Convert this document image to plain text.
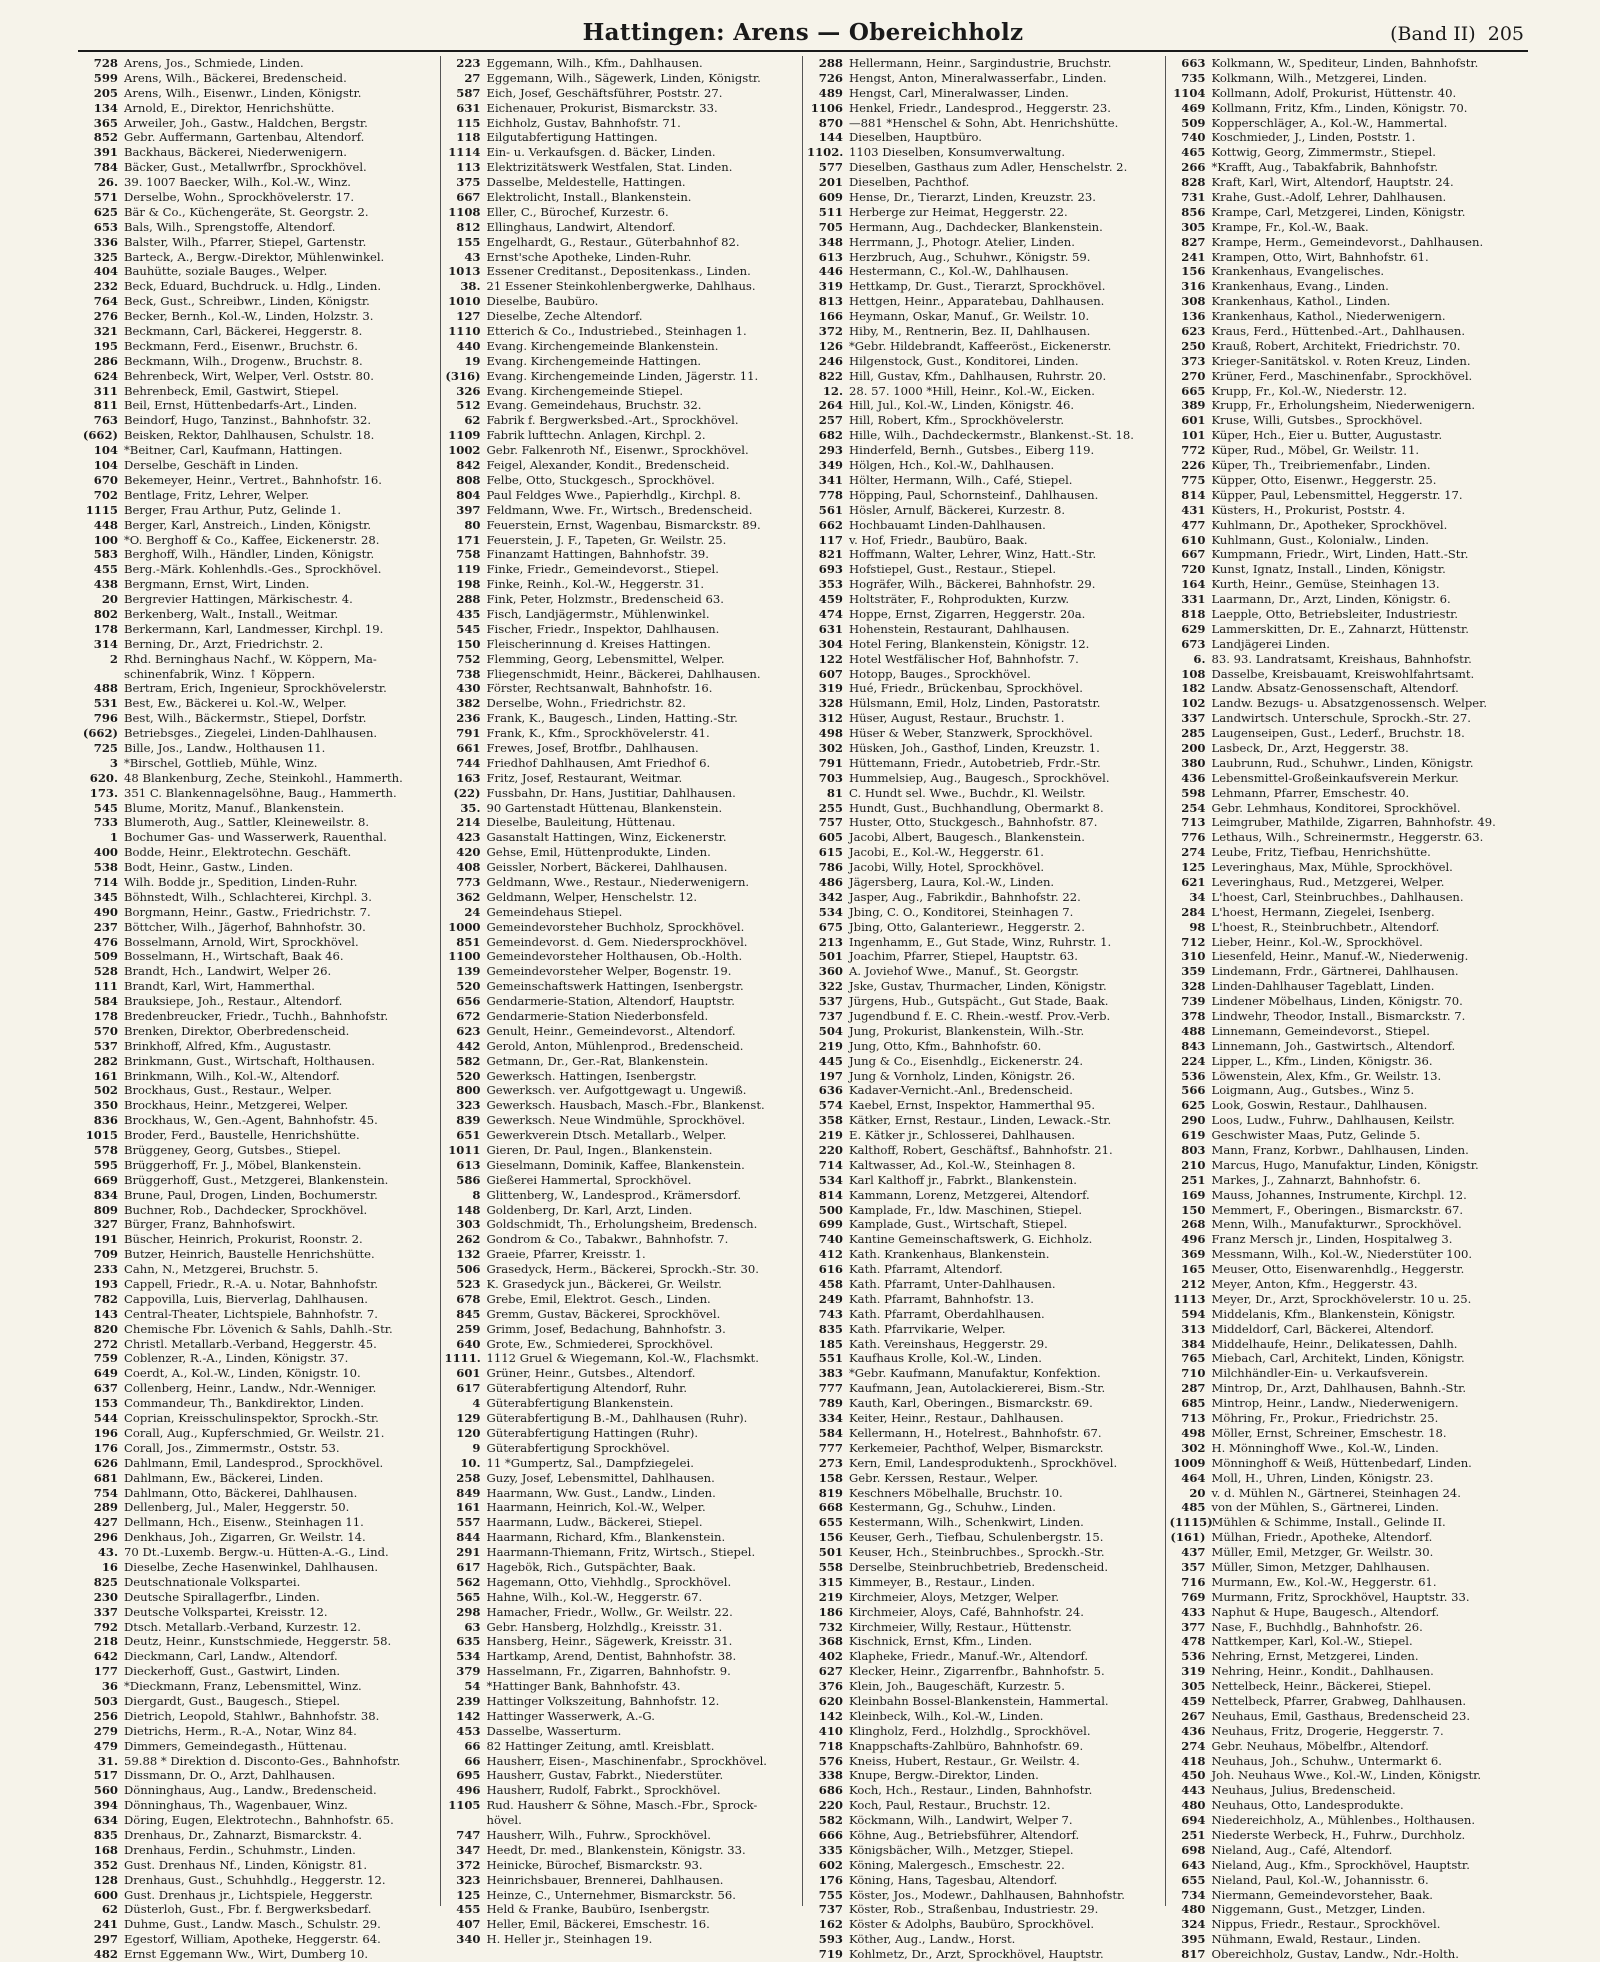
Hattingen: Arens — Obereichholz	(Band II) 205
728 Arens, Jos., Schmiede, Linden.
599 Arens, Wilh., Bäckerei, Bredenscheid.
205 Arens, Wilh., Eisenwr., Linden, Königstr.
134 Arnold, E., Direktor, Henrichshütte.
365 Arweiler, Joh., Gastw., Haldchen, Bergstr.
852 Gebr. Auffermann, Gartenbau, Altendorf.
391 Backhaus, Bäckerei, Niederwenigern.
784 Bäcker, Gust., Metallwrfbr., Sprockhövel.
26. 39. 1007 Baecker, Wilh., Kol.-W., Winz.
571 Derselbe, Wohn., Sprockhövelerstr. 17.
625 Bär & Co., Küchengeräte, St. Georgstr. 2.
653 Bals, Wilh., Sprengstoffe, Altendorf.
336 Balster, Wilh., Pfarrer, Stiepel, Gartenstr.
325 Barteck, A., Bergw.-Direktor, Mühlenwinkel.
404 Bauhütte, soziale Bauges., Welper.
232 Beck, Eduard, Buchdruck. u. Hdlg., Linden.
764 Beck, Gust., Schreibwr., Linden, Königstr.
276 Becker, Bernh., Kol.-W., Linden, Holzstr. 3.
321 Beckmann, Carl, Bäckerei, Heggerstr. 8.
195 Beckmann, Ferd., Eisenwr., Bruchstr. 6.
286 Beckmann, Wilh., Drogenw., Bruchstr. 8.
624 Behrenbeck, Wirt, Welper, Verl. Oststr. 80.
311 Behrenbeck, Emil, Gastwirt, Stiepel.
811 Beil, Ernst, Hüttenbedarfs-Art., Linden.
763 Beindorf, Hugo, Tanzinst., Bahnhofstr. 32.
(662) Beisken, Rektor, Dahlhausen, Schulstr. 18.
104 *Beitner, Carl, Kaufmann, Hattingen.
104 Derselbe, Geschäft in Linden.
670 Bekemeyer, Heinr., Vertret., Bahnhofstr. 16.
702 Bentlage, Fritz, Lehrer, Welper.
1115 Berger, Frau Arthur, Putz, Gelinde 1.
448 Berger, Karl, Anstreich., Linden, Königstr.
100 *O. Berghoff & Co., Kaffee, Eickenerstr. 28.
583 Berghoff, Wilh., Händler, Linden, Königstr.
455 Berg.-Märk. Kohlenhdls.-Ges., Sprockhövel.
438 Bergmann, Ernst, Wirt, Linden.
20 Bergrevier Hattingen, Märkischestr. 4.
802 Berkenberg, Walt., Install., Weitmar.
178 Berkermann, Karl, Landmesser, Kirchpl. 19.
314 Berning, Dr., Arzt, Friedrichstr. 2.
2 Rhd. Berninghaus Nachf., W. Köppern, Ma-
schinenfabrik, Winz. ↑ Köppern.
488 Bertram, Erich, Ingenieur, Sprockhövelerstr.
531 Best, Ew., Bäckerei u. Kol.-W., Welper.
796 Best, Wilh., Bäckermstr., Stiepel, Dorfstr.
(662) Betriebsges., Ziegelei, Linden-Dahlhausen.
725 Bille, Jos., Landw., Holthausen 11.
3 *Birschel, Gottlieb, Mühle, Winz.
620. 48 Blankenburg, Zeche, Steinkohl., Hammerth.
173. 351 C. Blankennagelsöhne, Baug., Hammerth.
545 Blume, Moritz, Manuf., Blankenstein.
733 Blumeroth, Aug., Sattler, Kleineweilstr. 8.
1 Bochumer Gas- und Wasserwerk, Rauenthal.
400 Bodde, Heinr., Elektrotechn. Geschäft.
538 Bodt, Heinr., Gastw., Linden.
714 Wilh. Bodde jr., Spedition, Linden-Ruhr.
345 Böhnstedt, Wilh., Schlachterei, Kirchpl. 3.
490 Borgmann, Heinr., Gastw., Friedrichstr. 7.
237 Böttcher, Wilh., Jägerhof, Bahnhofstr. 30.
476 Bosselmann, Arnold, Wirt, Sprockhövel.
509 Bosselmann, H., Wirtschaft, Baak 46.
528 Brandt, Hch., Landwirt, Welper 26.
111 Brandt, Karl, Wirt, Hammerthal.
584 Brauksiepe, Joh., Restaur., Altendorf.
178 Bredenbreucker, Friedr., Tuchh., Bahnhofstr.
570 Brenken, Direktor, Oberbredenscheid.
537 Brinkhoff, Alfred, Kfm., Augustastr.
282 Brinkmann, Gust., Wirtschaft, Holthausen.
161 Brinkmann, Wilh., Kol.-W., Altendorf.
502 Brockhaus, Gust., Restaur., Welper.
350 Brockhaus, Heinr., Metzgerei, Welper.
836 Brockhaus, W., Gen.-Agent, Bahnhofstr. 45.
1015 Broder, Ferd., Baustelle, Henrichshütte.
578 Brüggeney, Georg, Gutsbes., Stiepel.
595 Brüggerhoff, Fr. J., Möbel, Blankenstein.
669 Brüggerhoff, Gust., Metzgerei, Blankenstein.
834 Brune, Paul, Drogen, Linden, Bochumerstr.
809 Buchner, Rob., Dachdecker, Sprockhövel.
327 Bürger, Franz, Bahnhofswirt.
191 Büscher, Heinrich, Prokurist, Roonstr. 2.
709 Butzer, Heinrich, Baustelle Henrichshütte.
233 Cahn, N., Metzgerei, Bruchstr. 5.
193 Cappell, Friedr., R.-A. u. Notar, Bahnhofstr.
782 Cappovilla, Luis, Bierverlag, Dahlhausen.
143 Central-Theater, Lichtspiele, Bahnhofstr. 7.
820 Chemische Fbr. Lövenich & Sahls, Dahlh.-Str.
272 Christl. Metallarb.-Verband, Heggerstr. 45.
759 Coblenzer, R.-A., Linden, Königstr. 37.
649 Coerdt, A., Kol.-W., Linden, Königstr. 10.
637 Collenberg, Heinr., Landw., Ndr.-Wenniger.
153 Commandeur, Th., Bankdirektor, Linden.
544 Coprian, Kreisschulinspektor, Sprockh.-Str.
196 Corall, Aug., Kupferschmied, Gr. Weilstr. 21.
176 Corall, Jos., Zimmermstr., Oststr. 53.
626 Dahlmann, Emil, Landesprod., Sprockhövel.
681 Dahlmann, Ew., Bäckerei, Linden.
754 Dahlmann, Otto, Bäckerei, Dahlhausen.
289 Dellenberg, Jul., Maler, Heggerstr. 50.
427 Dellmann, Hch., Eisenw., Steinhagen 11.
296 Denkhaus, Joh., Zigarren, Gr. Weilstr. 14.
43. 70 Dt.-Luxemb. Bergw.-u. Hütten-A.-G., Lind.
16 Dieselbe, Zeche Hasenwinkel, Dahlhausen.
825 Deutschnationale Volkspartei.
230 Deutsche Spirallagerfbr., Linden.
337 Deutsche Volkspartei, Kreisstr. 12.
792 Dtsch. Metallarb.-Verband, Kurzestr. 12.
218 Deutz, Heinr., Kunstschmiede, Heggerstr. 58.
642 Dieckmann, Carl, Landw., Altendorf.
177 Dieckerhoff, Gust., Gastwirt, Linden.
36 *Dieckmann, Franz, Lebensmittel, Winz.
503 Diergardt, Gust., Baugesch., Stiepel.
256 Dietrich, Leopold, Stahlwr., Bahnhofstr. 38.
279 Dietrichs, Herm., R.-A., Notar, Winz 84.
479 Dimmers, Gemeindegasth., Hüttenau.
31. 59.88 * Direktion d. Disconto-Ges., Bahnhofstr.
517 Dissmann, Dr. O., Arzt, Dahlhausen.
560 Dönninghaus, Aug., Landw., Bredenscheid.
394 Dönninghaus, Th., Wagenbauer, Winz.
634 Döring, Eugen, Elektrotechn., Bahnhofstr. 65.
835 Drenhaus, Dr., Zahnarzt, Bismarckstr. 4.
168 Drenhaus, Ferdin., Schuhmstr., Linden.
352 Gust. Drenhaus Nf., Linden, Königstr. 81.
128 Drenhaus, Gust., Schuhhdlg., Heggerstr. 12.
600 Gust. Drenhaus jr., Lichtspiele, Heggerstr.
62 Düsterloh, Gust., Fbr. f. Bergwerksbedarf.
241 Duhme, Gust., Landw. Masch., Schulstr. 29.
297 Egestorf, William, Apotheke, Heggerstr. 64.
482 Ernst Eggemann Ww., Wirt, Dumberg 10.
223 Eggemann, Wilh., Kfm., Dahlhausen.
27 Eggemann, Wilh., Sägewerk, Linden, Königstr.
587 Eich, Josef, Geschäftsführer, Poststr. 27.
631 Eichenauer, Prokurist, Bismarckstr. 33.
115 Eichholz, Gustav, Bahnhofstr. 71.
118 Eilgutabfertigung Hattingen.
1114 Ein- u. Verkaufsgen. d. Bäcker, Linden.
113 Elektrizitätswerk Westfalen, Stat. Linden.
375 Dasselbe, Meldestelle, Hattingen.
667 Elektrolicht, Install., Blankenstein.
1108 Eller, C., Bürochef, Kurzestr. 6.
812 Ellinghaus, Landwirt, Altendorf.
155 Engelhardt, G., Restaur., Güterbahnhof 82.
43 Ernst'sche Apotheke, Linden-Ruhr.
1013 Essener Creditanst., Depositenkass., Linden.
38. 21 Essener Steinkohlenbergwerke, Dahlhaus.
1010 Dieselbe, Baubüro.
127 Dieselbe, Zeche Altendorf.
1110 Etterich & Co., Industriebed., Steinhagen 1.
440 Evang. Kirchengemeinde Blankenstein.
19 Evang. Kirchengemeinde Hattingen.
(316) Evang. Kirchengemeinde Linden, Jägerstr. 11.
326 Evang. Kirchengemeinde Stiepel.
512 Evang. Gemeindehaus, Bruchstr. 32.
62 Fabrik f. Bergwerksbed.-Art., Sprockhövel.
1109 Fabrik lufttechn. Anlagen, Kirchpl. 2.
1002 Gebr. Falkenroth Nf., Eisenwr., Sprockhövel.
842 Feigel, Alexander, Kondit., Bredenscheid.
808 Felbe, Otto, Stuckgesch., Sprockhövel.
804 Paul Feldges Wwe., Papierhdlg., Kirchpl. 8.
397 Feldmann, Wwe. Fr., Wirtsch., Bredenscheid.
80 Feuerstein, Ernst, Wagenbau, Bismarckstr. 89.
171 Feuerstein, J. F., Tapeten, Gr. Weilstr. 25.
758 Finanzamt Hattingen, Bahnhofstr. 39.
119 Finke, Friedr., Gemeindevorst., Stiepel.
198 Finke, Reinh., Kol.-W., Heggerstr. 31.
288 Fink, Peter, Holzmstr., Bredenscheid 63.
435 Fisch, Landjägermstr., Mühlenwinkel.
545 Fischer, Friedr., Inspektor, Dahlhausen.
150 Fleischerinnung d. Kreises Hattingen.
752 Flemming, Georg, Lebensmittel, Welper.
738 Fliegenschmidt, Heinr., Bäckerei, Dahlhausen.
430 Förster, Rechtsanwalt, Bahnhofstr. 16.
382 Derselbe, Wohn., Friedrichstr. 82.
236 Frank, K., Baugesch., Linden, Hatting.-Str.
791 Frank, K., Kfm., Sprockhövelerstr. 41.
661 Frewes, Josef, Brotfbr., Dahlhausen.
744 Friedhof Dahlhausen, Amt Friedhof 6.
163 Fritz, Josef, Restaurant, Weitmar.
(22) Fussbahn, Dr. Hans, Justitiar, Dahlhausen.
35. 90 Gartenstadt Hüttenau, Blankenstein.
214 Dieselbe, Bauleitung, Hüttenau.
423 Gasanstalt Hattingen, Winz, Eickenerstr.
420 Gehse, Emil, Hüttenprodukte, Linden.
408 Geissler, Norbert, Bäckerei, Dahlhausen.
773 Geldmann, Wwe., Restaur., Niederwenigern.
362 Geldmann, Welper, Henschelstr. 12.
24 Gemeindehaus Stiepel.
1000 Gemeindevorsteher Buchholz, Sprockhövel.
851 Gemeindevorst. d. Gem. Niedersprockhövel.
1100 Gemeindevorsteher Holthausen, Ob.-Holth.
139 Gemeindevorsteher Welper, Bogenstr. 19.
520 Gemeinschaftswerk Hattingen, Isenbergstr.
656 Gendarmerie-Station, Altendorf, Hauptstr.
672 Gendarmerie-Station Niederbonsfeld.
623 Genult, Heinr., Gemeindevorst., Altendorf.
442 Gerold, Anton, Mühlenprod., Bredenscheid.
582 Getmann, Dr., Ger.-Rat, Blankenstein.
520 Gewerksch. Hattingen, Isenbergstr.
800 Gewerksch. ver. Aufgottgewagt u. Ungewiß.
323 Gewerksch. Hausbach, Masch.-Fbr., Blankenst.
839 Gewerksch. Neue Windmühle, Sprockhövel.
651 Gewerkverein Dtsch. Metallarb., Welper.
1011 Gieren, Dr. Paul, Ingen., Blankenstein.
613 Gieselmann, Dominik, Kaffee, Blankenstein.
586 Gießerei Hammertal, Sprockhövel.
8 Glittenberg, W., Landesprod., Krämersdorf.
148 Goldenberg, Dr. Karl, Arzt, Linden.
303 Goldschmidt, Th., Erholungsheim, Bredensch.
262 Gondrom & Co., Tabakwr., Bahnhofstr. 7.
132 Graeie, Pfarrer, Kreisstr. 1.
506 Grasedyck, Herm., Bäckerei, Sprockh.-Str. 30.
523 K. Grasedyck jun., Bäckerei, Gr. Weilstr.
678 Grebe, Emil, Elektrot. Gesch., Linden.
845 Gremm, Gustav, Bäckerei, Sprockhövel.
259 Grimm, Josef, Bedachung, Bahnhofstr. 3.
640 Grote, Ew., Schmiederei, Sprockhövel.
1111. 1112 Gruel & Wiegemann, Kol.-W., Flachsmkt.
601 Grüner, Heinr., Gutsbes., Altendorf.
617 Güterabfertigung Altendorf, Ruhr.
4 Güterabfertigung Blankenstein.
129 Güterabfertigung B.-M., Dahlhausen (Ruhr).
120 Güterabfertigung Hattingen (Ruhr).
9 Güterabfertigung Sprockhövel.
10. 11 *Gumpertz, Sal., Dampfziegelei.
258 Guzy, Josef, Lebensmittel, Dahlhausen.
849 Haarmann, Ww. Gust., Landw., Linden.
161 Haarmann, Heinrich, Kol.-W., Welper.
557 Haarmann, Ludw., Bäckerei, Stiepel.
844 Haarmann, Richard, Kfm., Blankenstein.
291 Haarmann-Thiemann, Fritz, Wirtsch., Stiepel.
617 Hagebök, Rich., Gutspächter, Baak.
562 Hagemann, Otto, Viehhdlg., Sprockhövel.
565 Hahne, Wilh., Kol.-W., Heggerstr. 67.
298 Hamacher, Friedr., Wollw., Gr. Weilstr. 22.
63 Gebr. Hansberg, Holzhdlg., Kreisstr. 31.
635 Hansberg, Heinr., Sägewerk, Kreisstr. 31.
534 Hartkamp, Arend, Dentist, Bahnhofstr. 38.
379 Hasselmann, Fr., Zigarren, Bahnhofstr. 9.
54 *Hattinger Bank, Bahnhofstr. 43.
239 Hattinger Volkszeitung, Bahnhofstr. 12.
142 Hattinger Wasserwerk, A.-G.
453 Dasselbe, Wasserturm.
66 82 Hattinger Zeitung, amtl. Kreisblatt.
66 Hausherr, Eisen-, Maschinenfabr., Sprockhövel.
695 Hausherr, Gustav, Fabrkt., Niederstüter.
496 Hausherr, Rudolf, Fabrkt., Sprockhövel.
1105 Rud. Hausherr & Söhne, Masch.-Fbr., Sprock-
hövel.
747 Hausherr, Wilh., Fuhrw., Sprockhövel.
347 Heedt, Dr. med., Blankenstein, Königstr. 33.
372 Heinicke, Bürochef, Bismarckstr. 93.
323 Heinrichsbauer, Brennerei, Dahlhausen.
125 Heinze, C., Unternehmer, Bismarckstr. 56.
455 Held & Franke, Baubüro, Isenbergstr.
407 Heller, Emil, Bäckerei, Emschestr. 16.
340 H. Heller jr., Steinhagen 19.
288 Hellermann, Heinr., Sargindustrie, Bruchstr.
726 Hengst, Anton, Mineralwasserfabr., Linden.
489 Hengst, Carl, Mineralwasser, Linden.
1106 Henkel, Friedr., Landesprod., Heggerstr. 23.
870 —881 *Henschel & Sohn, Abt. Henrichshütte.
144 Dieselben, Hauptbüro.
1102. 1103 Dieselben, Konsumverwaltung.
577 Dieselben, Gasthaus zum Adler, Henschelstr. 2.
201 Dieselben, Pachthof.
609 Hense, Dr., Tierarzt, Linden, Kreuzstr. 23.
511 Herberge zur Heimat, Heggerstr. 22.
705 Hermann, Aug., Dachdecker, Blankenstein.
348 Herrmann, J., Photogr. Atelier, Linden.
613 Herzbruch, Aug., Schuhwr., Königstr. 59.
446 Hestermann, C., Kol.-W., Dahlhausen.
319 Hettkamp, Dr. Gust., Tierarzt, Sprockhövel.
813 Hettgen, Heinr., Apparatebau, Dahlhausen.
166 Heymann, Oskar, Manuf., Gr. Weilstr. 10.
372 Hiby, M., Rentnerin, Bez. II, Dahlhausen.
126 *Gebr. Hildebrandt, Kaffeeröst., Eickenerstr.
246 Hilgenstock, Gust., Konditorei, Linden.
822 Hill, Gustav, Kfm., Dahlhausen, Ruhrstr. 20.
12. 28. 57. 1000 *Hill, Heinr., Kol.-W., Eicken.
264 Hill, Jul., Kol.-W., Linden, Königstr. 46.
257 Hill, Robert, Kfm., Sprockhövelerstr.
682 Hille, Wilh., Dachdeckermstr., Blankenst.-St. 18.
293 Hinderfeld, Bernh., Gutsbes., Eiberg 119.
349 Hölgen, Hch., Kol.-W., Dahlhausen.
341 Hölter, Hermann, Wilh., Café, Stiepel.
778 Höpping, Paul, Schornsteinf., Dahlhausen.
561 Hösler, Arnulf, Bäckerei, Kurzestr. 8.
662 Hochbauamt Linden-Dahlhausen.
117 v. Hof, Friedr., Baubüro, Baak.
821 Hoffmann, Walter, Lehrer, Winz, Hatt.-Str.
693 Hofstiepel, Gust., Restaur., Stiepel.
353 Hogräfer, Wilh., Bäckerei, Bahnhofstr. 29.
459 Holtsträter, F., Rohprodukten, Kurzw.
474 Hoppe, Ernst, Zigarren, Heggerstr. 20a.
631 Hohenstein, Restaurant, Dahlhausen.
304 Hotel Fering, Blankenstein, Königstr. 12.
122 Hotel Westfälischer Hof, Bahnhofstr. 7.
607 Hotopp, Bauges., Sprockhövel.
319 Hué, Friedr., Brückenbau, Sprockhövel.
328 Hülsmann, Emil, Holz, Linden, Pastoratstr.
312 Hüser, August, Restaur., Bruchstr. 1.
498 Hüser & Weber, Stanzwerk, Sprockhövel.
302 Hüsken, Joh., Gasthof, Linden, Kreuzstr. 1.
791 Hüttemann, Friedr., Autobetrieb, Frdr.-Str.
703 Hummelsiep, Aug., Baugesch., Sprockhövel.
81 C. Hundt sel. Wwe., Buchdr., Kl. Weilstr.
255 Hundt, Gust., Buchhandlung, Obermarkt 8.
757 Huster, Otto, Stuckgesch., Bahnhofstr. 87.
605 Jacobi, Albert, Baugesch., Blankenstein.
615 Jacobi, E., Kol.-W., Heggerstr. 61.
786 Jacobi, Willy, Hotel, Sprockhövel.
486 Jägersberg, Laura, Kol.-W., Linden.
342 Jasper, Aug., Fabrikdir., Bahnhofstr. 22.
534 Jbing, C. O., Konditorei, Steinhagen 7.
675 Jbing, Otto, Galanteriewr., Heggerstr. 2.
213 Ingenhamm, E., Gut Stade, Winz, Ruhrstr. 1.
501 Joachim, Pfarrer, Stiepel, Hauptstr. 63.
360 A. Joviehof Wwe., Manuf., St. Georgstr.
322 Jske, Gustav, Thurmacher, Linden, Königstr.
537 Jürgens, Hub., Gutspächt., Gut Stade, Baak.
737 Jugendbund f. E. C. Rhein.-westf. Prov.-Verb.
504 Jung, Prokurist, Blankenstein, Wilh.-Str.
219 Jung, Otto, Kfm., Bahnhofstr. 60.
445 Jung & Co., Eisenhdlg., Eickenerstr. 24.
197 Jung & Vornholz, Linden, Königstr. 26.
636 Kadaver-Vernicht.-Anl., Bredenscheid.
574 Kaebel, Ernst, Inspektor, Hammerthal 95.
358 Kätker, Ernst, Restaur., Linden, Lewack.-Str.
219 E. Kätker jr., Schlosserei, Dahlhausen.
220 Kalthoff, Robert, Geschäftsf., Bahnhofstr. 21.
714 Kaltwasser, Ad., Kol.-W., Steinhagen 8.
534 Karl Kalthoff jr., Fabrkt., Blankenstein.
814 Kammann, Lorenz, Metzgerei, Altendorf.
500 Kamplade, Fr., ldw. Maschinen, Stiepel.
699 Kamplade, Gust., Wirtschaft, Stiepel.
740 Kantine Gemeinschaftswerk, G. Eichholz.
412 Kath. Krankenhaus, Blankenstein.
616 Kath. Pfarramt, Altendorf.
458 Kath. Pfarramt, Unter-Dahlhausen.
249 Kath. Pfarramt, Bahnhofstr. 13.
743 Kath. Pfarramt, Oberdahlhausen.
835 Kath. Pfarrvikarie, Welper.
185 Kath. Vereinshaus, Heggerstr. 29.
551 Kaufhaus Krolle, Kol.-W., Linden.
383 *Gebr. Kaufmann, Manufaktur, Konfektion.
777 Kaufmann, Jean, Autolackiererei, Bism.-Str.
789 Kauth, Karl, Oberingen., Bismarckstr. 69.
334 Keiter, Heinr., Restaur., Dahlhausen.
584 Kellermann, H., Hotelrest., Bahnhofstr. 67.
777 Kerkemeier, Pachthof, Welper, Bismarckstr.
273 Kern, Emil, Landesproduktenh., Sprockhövel.
158 Gebr. Kerssen, Restaur., Welper.
819 Keschners Möbelhalle, Bruchstr. 10.
668 Kestermann, Gg., Schuhw., Linden.
655 Kestermann, Wilh., Schenkwirt, Linden.
156 Keuser, Gerh., Tiefbau, Schulenbergstr. 15.
501 Keuser, Hch., Steinbruchbes., Sprockh.-Str.
558 Derselbe, Steinbruchbetrieb, Bredenscheid.
315 Kimmeyer, B., Restaur., Linden.
219 Kirchmeier, Aloys, Metzger, Welper.
186 Kirchmeier, Aloys, Café, Bahnhofstr. 24.
732 Kirchmeier, Willy, Restaur., Hüttenstr.
368 Kischnick, Ernst, Kfm., Linden.
402 Klapheke, Friedr., Manuf.-Wr., Altendorf.
627 Klecker, Heinr., Zigarrenfbr., Bahnhofstr. 5.
376 Klein, Joh., Baugeschäft, Kurzestr. 5.
620 Kleinbahn Bossel-Blankenstein, Hammertal.
142 Kleinbeck, Wilh., Kol.-W., Linden.
410 Klingholz, Ferd., Holzhdlg., Sprockhövel.
718 Knappschafts-Zahlbüro, Bahnhofstr. 69.
576 Kneiss, Hubert, Restaur., Gr. Weilstr. 4.
338 Knupe, Bergw.-Direktor, Linden.
686 Koch, Hch., Restaur., Linden, Bahnhofstr.
220 Koch, Paul, Restaur., Bruchstr. 12.
582 Köckmann, Wilh., Landwirt, Welper 7.
666 Köhne, Aug., Betriebsführer, Altendorf.
335 Königsbächer, Wilh., Metzger, Stiepel.
602 Köning, Malergesch., Emschestr. 22.
176 Köning, Hans, Tagesbau, Altendorf.
755 Köster, Jos., Modewr., Dahlhausen, Bahnhofstr.
737 Köster, Rob., Straßenbau, Industriestr. 29.
162 Köster & Adolphs, Baubüro, Sprockhövel.
593 Köther, Aug., Landw., Horst.
719 Kohlmetz, Dr., Arzt, Sprockhövel, Hauptstr.
663 Kolkmann, W., Spediteur, Linden, Bahnhofstr.
735 Kolkmann, Wilh., Metzgerei, Linden.
1104 Kollmann, Adolf, Prokurist, Hüttenstr. 40.
469 Kollmann, Fritz, Kfm., Linden, Königstr. 70.
509 Kopperschläger, A., Kol.-W., Hammertal.
740 Koschmieder, J., Linden, Poststr. 1.
465 Kottwig, Georg, Zimmermstr., Stiepel.
266 *Krafft, Aug., Tabakfabrik, Bahnhofstr.
828 Kraft, Karl, Wirt, Altendorf, Hauptstr. 24.
731 Krahe, Gust.-Adolf, Lehrer, Dahlhausen.
856 Krampe, Carl, Metzgerei, Linden, Königstr.
305 Krampe, Fr., Kol.-W., Baak.
827 Krampe, Herm., Gemeindevorst., Dahlhausen.
241 Krampen, Otto, Wirt, Bahnhofstr. 61.
156 Krankenhaus, Evangelisches.
316 Krankenhaus, Evang., Linden.
308 Krankenhaus, Kathol., Linden.
136 Krankenhaus, Kathol., Niederwenigern.
623 Kraus, Ferd., Hüttenbed.-Art., Dahlhausen.
250 Krauß, Robert, Architekt, Friedrichstr. 70.
373 Krieger-Sanitätskol. v. Roten Kreuz, Linden.
270 Krüner, Ferd., Maschinenfabr., Sprockhövel.
665 Krupp, Fr., Kol.-W., Niederstr. 12.
389 Krupp, Fr., Erholungsheim, Niederwenigern.
601 Kruse, Willi, Gutsbes., Sprockhövel.
101 Küper, Hch., Eier u. Butter, Augustastr.
772 Küper, Rud., Möbel, Gr. Weilstr. 11.
226 Küper, Th., Treibriemenfabr., Linden.
775 Küpper, Otto, Eisenwr., Heggerstr. 25.
814 Küpper, Paul, Lebensmittel, Heggerstr. 17.
431 Küsters, H., Prokurist, Poststr. 4.
477 Kuhlmann, Dr., Apotheker, Sprockhövel.
610 Kuhlmann, Gust., Kolonialw., Linden.
667 Kumpmann, Friedr., Wirt, Linden, Hatt.-Str.
720 Kunst, Ignatz, Install., Linden, Königstr.
164 Kurth, Heinr., Gemüse, Steinhagen 13.
331 Laarmann, Dr., Arzt, Linden, Königstr. 6.
818 Laepple, Otto, Betriebsleiter, Industriestr.
629 Lammerskitten, Dr. E., Zahnarzt, Hüttenstr.
673 Landjägerei Linden.
6. 83. 93. Landratsamt, Kreishaus, Bahnhofstr.
108 Dasselbe, Kreisbauamt, Kreiswohlfahrtsamt.
182 Landw. Absatz-Genossenschaft, Altendorf.
102 Landw. Bezugs- u. Absatzgenossensch. Welper.
337 Landwirtsch. Unterschule, Sprockh.-Str. 27.
285 Laugenseipen, Gust., Lederf., Bruchstr. 18.
200 Lasbeck, Dr., Arzt, Heggerstr. 38.
380 Laubrunn, Rud., Schuhwr., Linden, Königstr.
436 Lebensmittel-Großeinkaufsverein Merkur.
598 Lehmann, Pfarrer, Emschestr. 40.
254 Gebr. Lehmhaus, Konditorei, Sprockhövel.
713 Leimgruber, Mathilde, Zigarren, Bahnhofstr. 49.
776 Lethaus, Wilh., Schreinermstr., Heggerstr. 63.
274 Leube, Fritz, Tiefbau, Henrichshütte.
125 Leveringhaus, Max, Mühle, Sprockhövel.
621 Leveringhaus, Rud., Metzgerei, Welper.
34 L'hoest, Carl, Steinbruchbes., Dahlhausen.
284 L'hoest, Hermann, Ziegelei, Isenberg.
98 L'hoest, R., Steinbruchbetr., Altendorf.
712 Lieber, Heinr., Kol.-W., Sprockhövel.
310 Liesenfeld, Heinr., Manuf.-W., Niederwenig.
359 Lindemann, Frdr., Gärtnerei, Dahlhausen.
328 Linden-Dahlhauser Tageblatt, Linden.
739 Lindener Möbelhaus, Linden, Königstr. 70.
378 Lindwehr, Theodor, Install., Bismarckstr. 7.
488 Linnemann, Gemeindevorst., Stiepel.
843 Linnemann, Joh., Gastwirtsch., Altendorf.
224 Lipper, L., Kfm., Linden, Königstr. 36.
536 Löwenstein, Alex, Kfm., Gr. Weilstr. 13.
566 Loigmann, Aug., Gutsbes., Winz 5.
625 Look, Goswin, Restaur., Dahlhausen.
290 Loos, Ludw., Fuhrw., Dahlhausen, Keilstr.
619 Geschwister Maas, Putz, Gelinde 5.
803 Mann, Franz, Korbwr., Dahlhausen, Linden.
210 Marcus, Hugo, Manufaktur, Linden, Königstr.
251 Markes, J., Zahnarzt, Bahnhofstr. 6.
169 Mauss, Johannes, Instrumente, Kirchpl. 12.
150 Memmert, F., Oberingen., Bismarckstr. 67.
268 Menn, Wilh., Manufakturwr., Sprockhövel.
496 Franz Mersch jr., Linden, Hospitalweg 3.
369 Messmann, Wilh., Kol.-W., Niederstüter 100.
165 Meuser, Otto, Eisenwarenhdlg., Heggerstr.
212 Meyer, Anton, Kfm., Heggerstr. 43.
1113 Meyer, Dr., Arzt, Sprockhövelerstr. 10 u. 25.
594 Middelanis, Kfm., Blankenstein, Königstr.
313 Middeldorf, Carl, Bäckerei, Altendorf.
384 Middelhaufe, Heinr., Delikatessen, Dahlh.
765 Miebach, Carl, Architekt, Linden, Königstr.
710 Milchhändler-Ein- u. Verkaufsverein.
287 Mintrop, Dr., Arzt, Dahlhausen, Bahnh.-Str.
685 Mintrop, Heinr., Landw., Niederwenigern.
713 Möhring, Fr., Prokur., Friedrichstr. 25.
498 Möller, Ernst, Schreiner, Emschestr. 18.
302 H. Mönninghoff Wwe., Kol.-W., Linden.
1009 Mönninghoff & Weiß, Hüttenbedarf, Linden.
464 Moll, H., Uhren, Linden, Königstr. 23.
20 v. d. Mühlen N., Gärtnerei, Steinhagen 24.
485 von der Mühlen, S., Gärtnerei, Linden.
(1115)
Mühlen & Schimme, Install., Gelinde II.
(161) Mülhan, Friedr., Apotheke, Altendorf.
437 Müller, Emil, Metzger, Gr. Weilstr. 30.
357 Müller, Simon, Metzger, Dahlhausen.
716 Murmann, Ew., Kol.-W., Heggerstr. 61.
769 Murmann, Fritz, Sprockhövel, Hauptstr. 33.
433 Naphut & Hupe, Baugesch., Altendorf.
377 Nase, F., Buchhdlg., Bahnhofstr. 26.
478 Nattkemper, Karl, Kol.-W., Stiepel.
536 Nehring, Ernst, Metzgerei, Linden.
319 Nehring, Heinr., Kondit., Dahlhausen.
305 Nettelbeck, Heinr., Bäckerei, Stiepel.
459 Nettelbeck, Pfarrer, Grabweg, Dahlhausen.
267 Neuhaus, Emil, Gasthaus, Bredenscheid 23.
436 Neuhaus, Fritz, Drogerie, Heggerstr. 7.
274 Gebr. Neuhaus, Möbelfbr., Altendorf.
418 Neuhaus, Joh., Schuhw., Untermarkt 6.
450 Joh. Neuhaus Wwe., Kol.-W., Linden, Königstr.
443 Neuhaus, Julius, Bredenscheid.
480 Neuhaus, Otto, Landesprodukte.
694 Niedereichholz, A., Mühlenbes., Holthausen.
251 Niederste Werbeck, H., Fuhrw., Durchholz.
698 Nieland, Aug., Café, Altendorf.
643 Nieland, Aug., Kfm., Sprockhövel, Hauptstr.
655 Nieland, Paul, Kol.-W., Johannisstr. 6.
734 Niermann, Gemeindevorsteher, Baak.
480 Niggemann, Gust., Metzger, Linden.
324 Nippus, Friedr., Restaur., Sprockhövel.
395 Nühmann, Ewald, Restaur., Linden.
817 Obereichholz, Gustav, Landw., Ndr.-Holth.
